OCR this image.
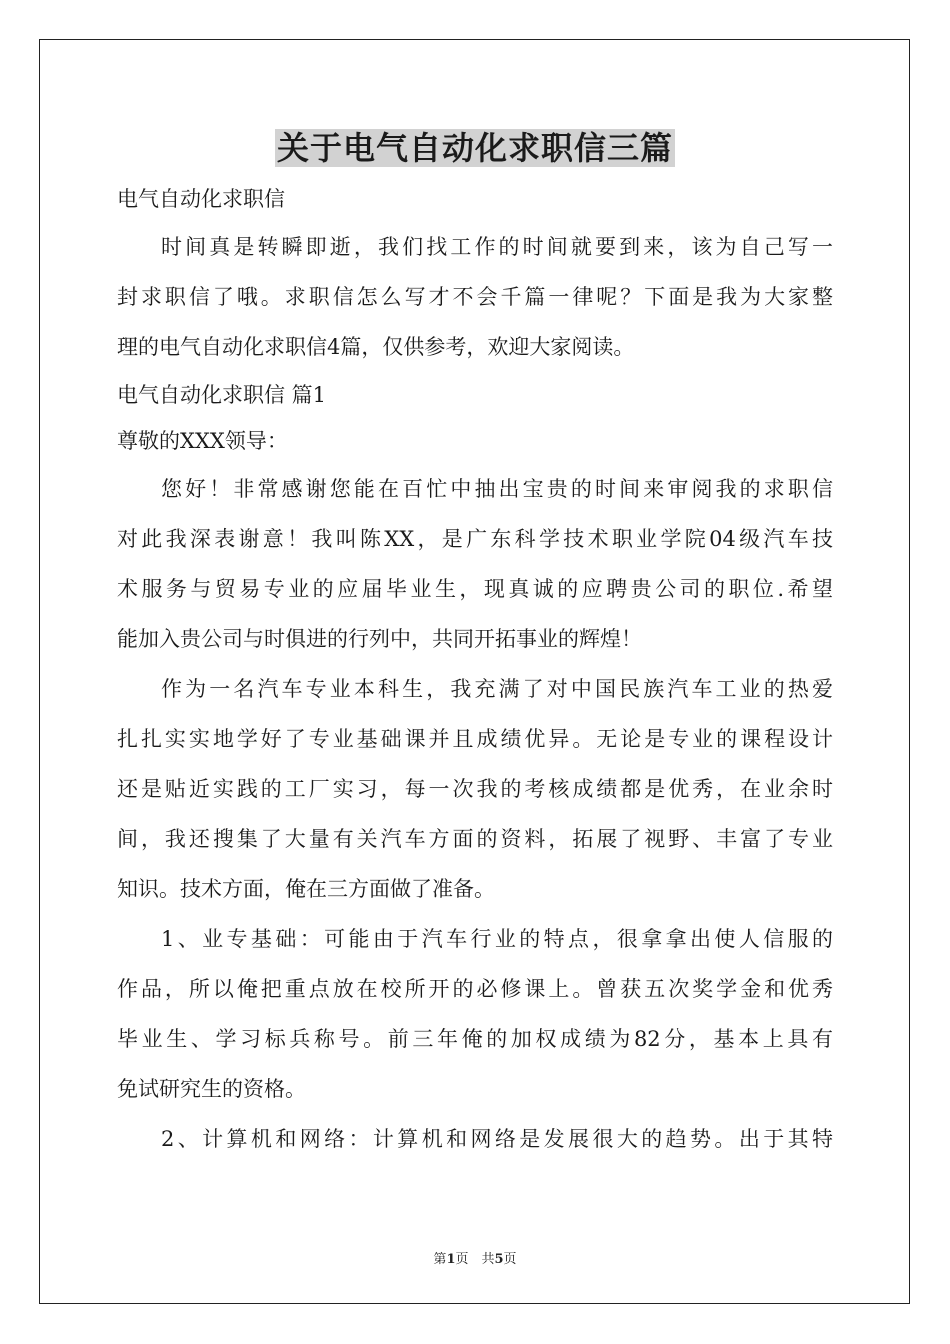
关于电气自动化求职信三篇
电气自动化求职信
时间真是转瞬即逝，我们找工作的时间就要到来，该为自己写一
封求职信了哦。求职信怎么写才不会千篇一律呢？下面是我为大家整
理的电气自动化求职信4篇，仅供参考，欢迎大家阅读。
电气自动化求职信 篇1
尊敬的XXX领导：
您好！非常感谢您能在百忙中抽出宝贵的时间来审阅我的求职信
对此我深表谢意！我叫陈XX，是广东科学技术职业学院04级汽车技
术服务与贸易专业的应届毕业生，现真诚的应聘贵公司的职位.希望
能加入贵公司与时俱进的行列中，共同开拓事业的辉煌！
作为一名汽车专业本科生，我充满了对中国民族汽车工业的热爱
扎扎实实地学好了专业基础课并且成绩优异。无论是专业的课程设计
还是贴近实践的工厂实习，每一次我的考核成绩都是优秀，在业余时
间，我还搜集了大量有关汽车方面的资料，拓展了视野、丰富了专业
知识。技术方面，俺在三方面做了准备。
1、业专基础：可能由于汽车行业的特点，很拿拿出使人信服的
作品，所以俺把重点放在校所开的必修课上。曾获五次奖学金和优秀
毕业生、学习标兵称号。前三年俺的加权成绩为82分，基本上具有
免试研究生的资格。
2、计算机和网络：计算机和网络是发展很大的趋势。出于其特
第1页　共5页
